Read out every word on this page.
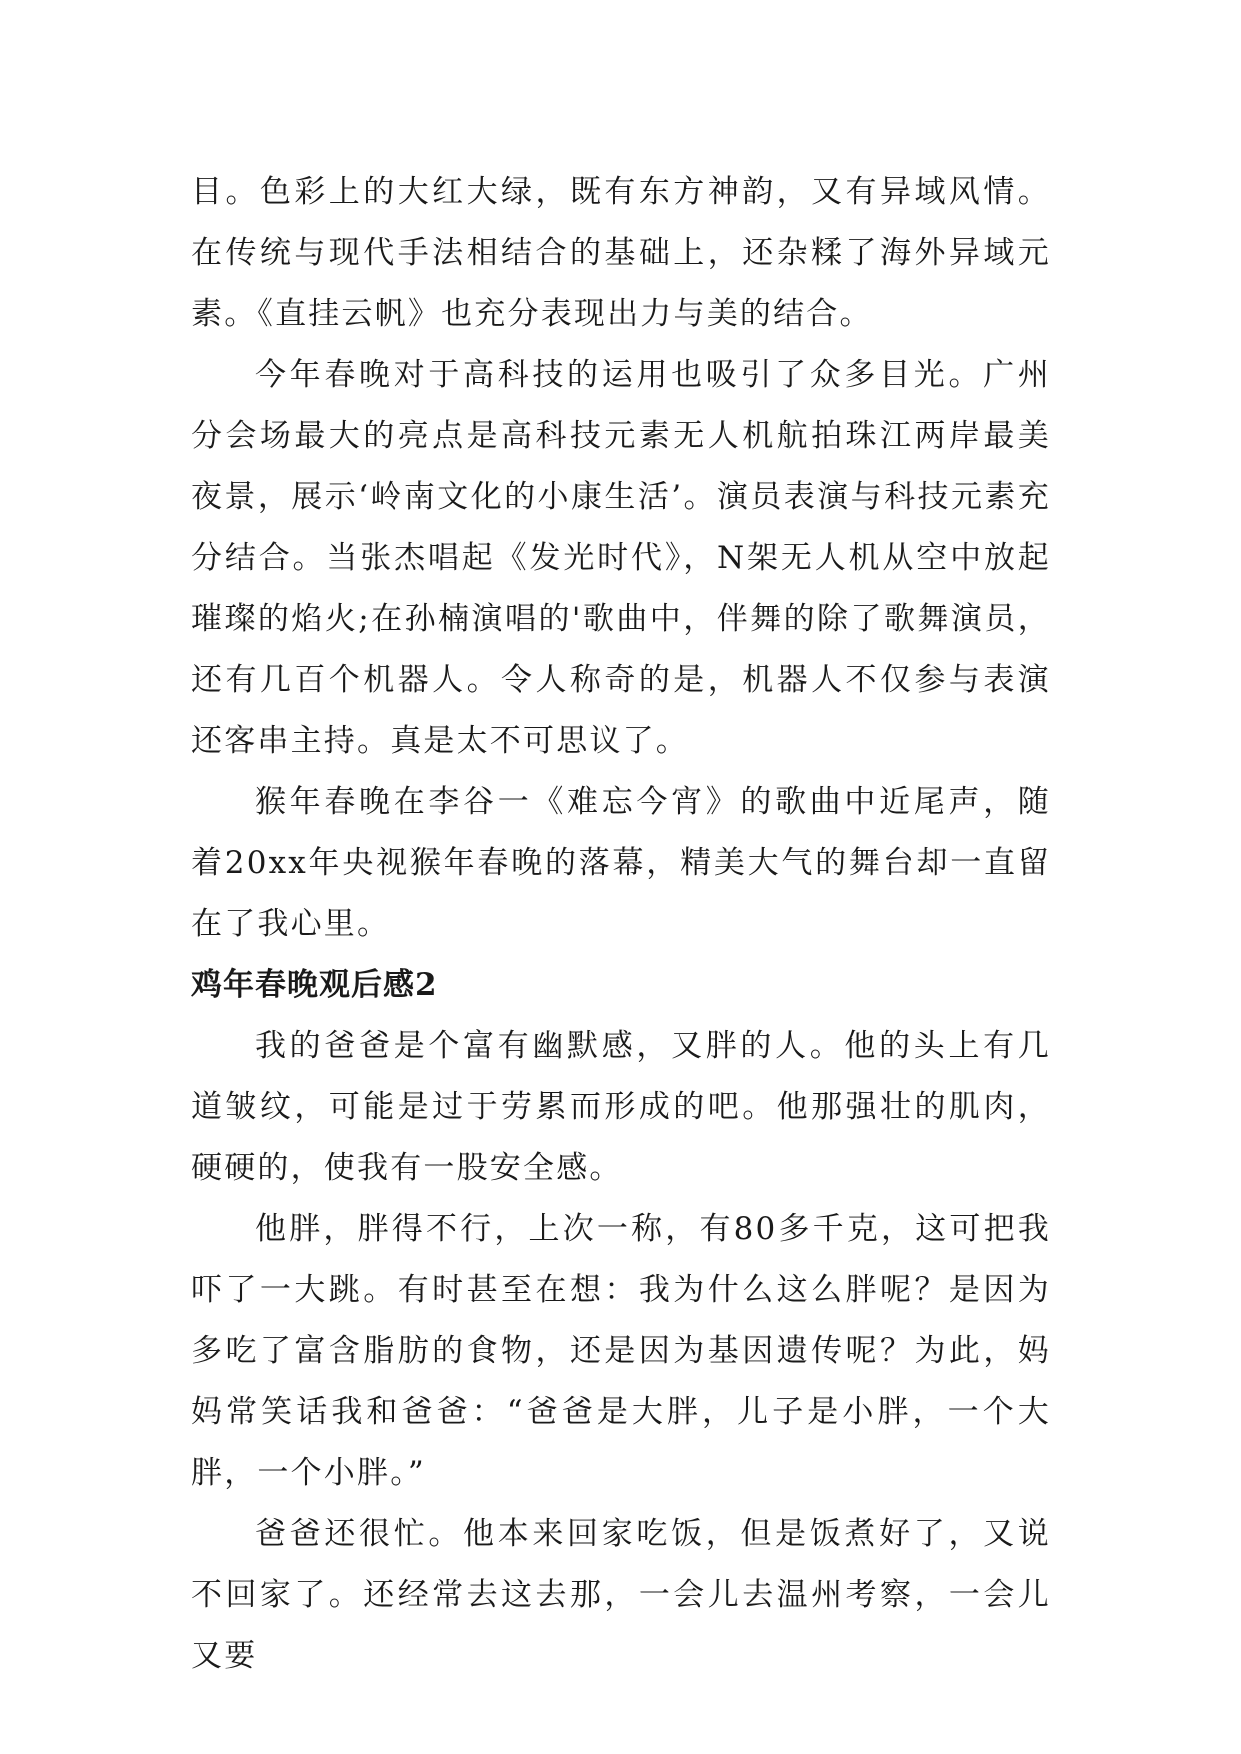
目。色彩上的大红大绿，既有东方神韵，又有异域风情。在传统与现代手法相结合的基础上，还杂糅了海外异域元素。《直挂云帆》也充分表现出力与美的结合。

今年春晚对于高科技的运用也吸引了众多目光。广州分会场最大的亮点是高科技元素无人机航拍珠江两岸最美夜景，展示‘岭南文化的小康生活’。演员表演与科技元素充分结合。当张杰唱起《发光时代》，N架无人机从空中放起璀璨的焰火;在孙楠演唱的'歌曲中，伴舞的除了歌舞演员，还有几百个机器人。令人称奇的是，机器人不仅参与表演还客串主持。真是太不可思议了。

猴年春晚在李谷一《难忘今宵》的歌曲中近尾声，随着20xx年央视猴年春晚的落幕，精美大气的舞台却一直留在了我心里。

鸡年春晚观后感2

我的爸爸是个富有幽默感，又胖的人。他的头上有几道皱纹，可能是过于劳累而形成的吧。他那强壮的肌肉，硬硬的，使我有一股安全感。

他胖，胖得不行，上次一称，有80多千克，这可把我吓了一大跳。有时甚至在想：我为什么这么胖呢？是因为多吃了富含脂肪的食物，还是因为基因遗传呢？为此，妈妈常笑话我和爸爸：“爸爸是大胖，儿子是小胖，一个大胖，一个小胖。”

爸爸还很忙。他本来回家吃饭，但是饭煮好了，又说不回家了。还经常去这去那，一会儿去温州考察，一会儿又要
